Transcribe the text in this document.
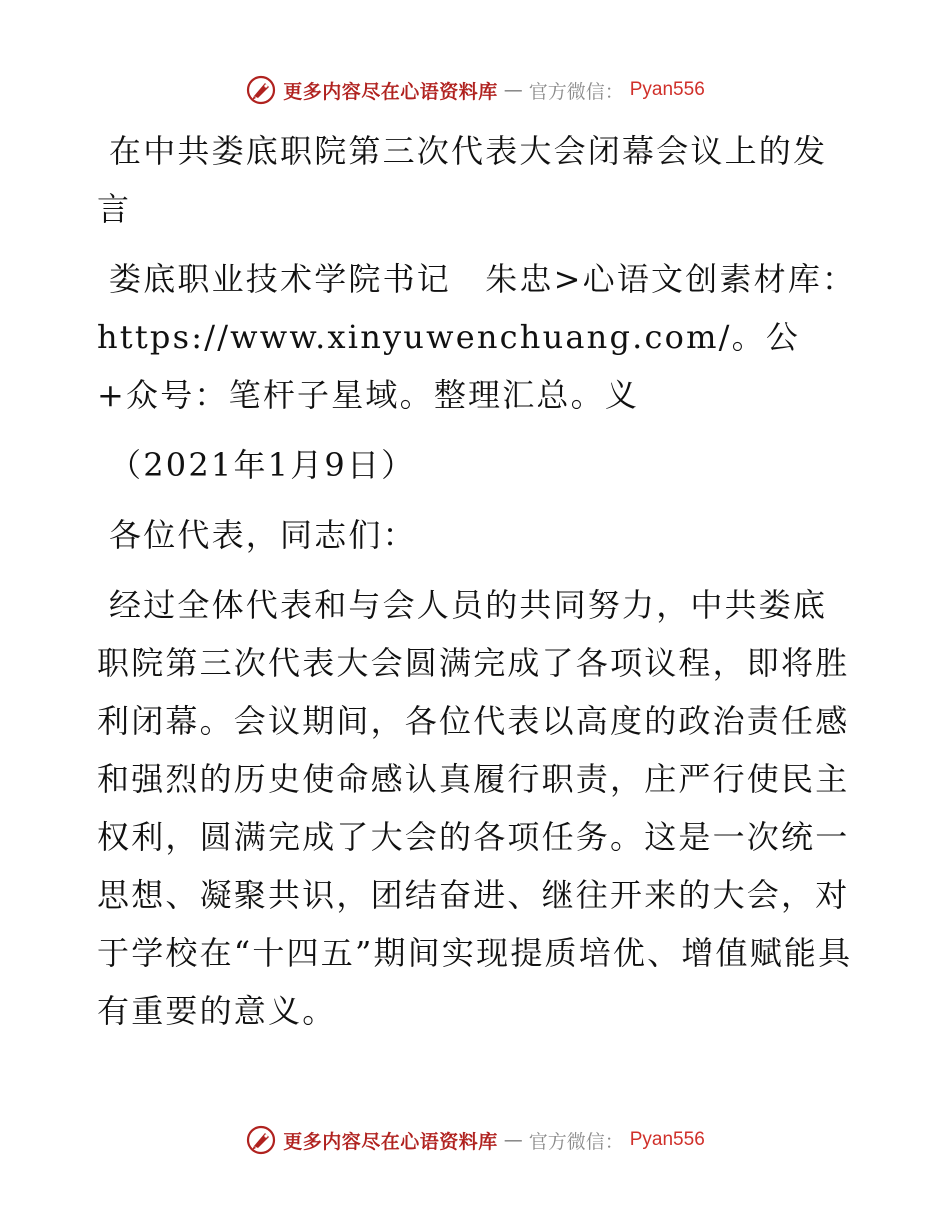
更多内容尽在心语资料库 — 官方微信： Pyan556

在中共娄底职院第三次代表大会闭幕会议上的发言

娄底职业技术学院书记　朱忠>心语文创素材库：https://www.xinyuwenchuang.com/。公+众号：笔杆子星域。整理汇总。义

（2021年1月9日）

各位代表，同志们：

经过全体代表和与会人员的共同努力，中共娄底职院第三次代表大会圆满完成了各项议程，即将胜利闭幕。会议期间，各位代表以高度的政治责任感和强烈的历史使命感认真履行职责，庄严行使民主权利，圆满完成了大会的各项任务。这是一次统一思想、凝聚共识，团结奋进、继往开来的大会，对于学校在“十四五”期间实现提质培优、增值赋能具有重要的意义。

更多内容尽在心语资料库 — 官方微信： Pyan556
